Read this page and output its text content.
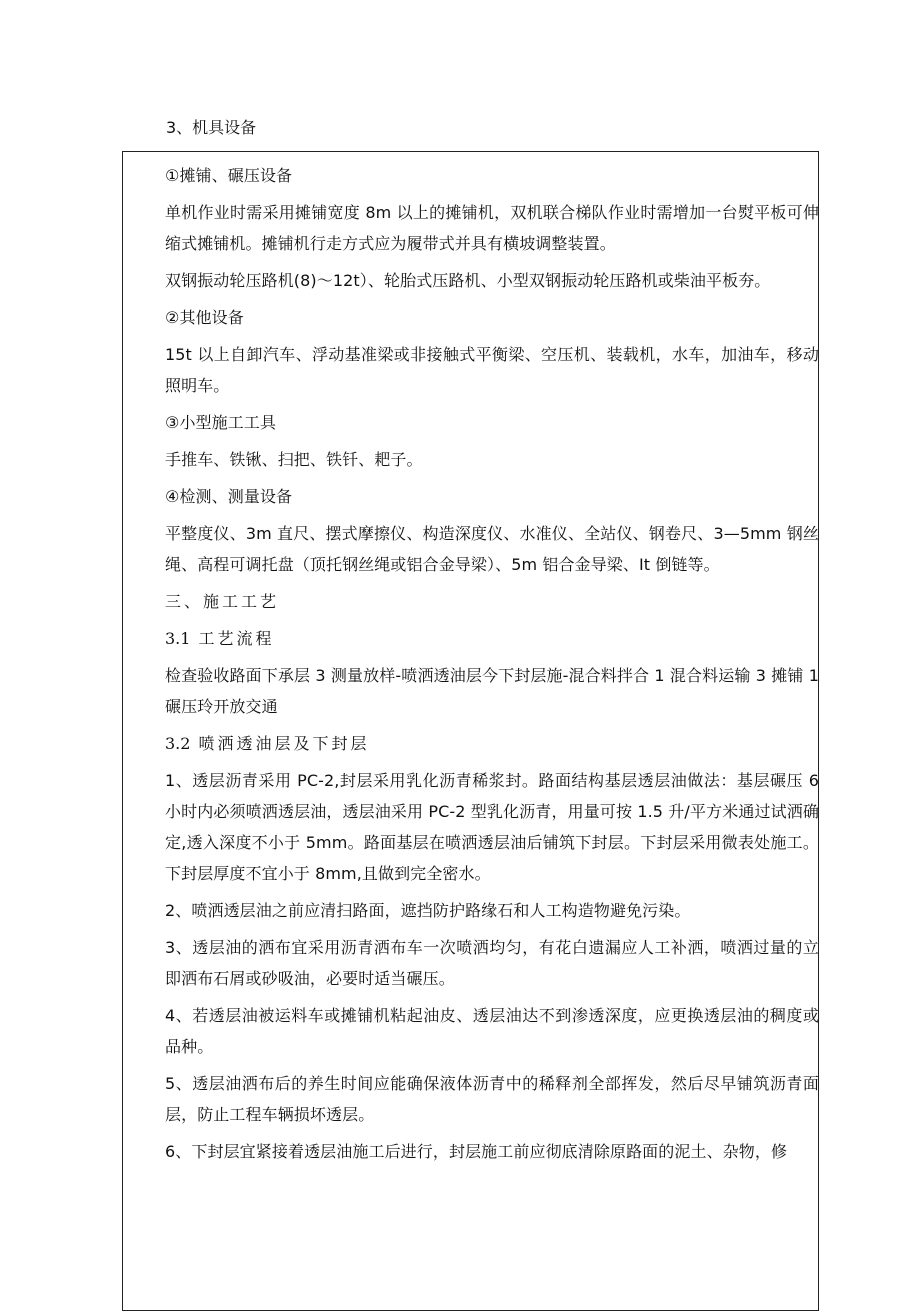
3、机具设备
①摊铺、碾压设备
单机作业时需采用摊铺宽度 8m 以上的摊铺机，双机联合梯队作业时需增加一台熨平板可伸缩式摊铺机。摊铺机行走方式应为履带式并具有横坡调整装置。
双钢振动轮压路机(8)〜12t）、轮胎式压路机、小型双钢振动轮压路机或柴油平板夯。
②其他设备
15t 以上自卸汽车、浮动基准梁或非接触式平衡梁、空压机、装载机，水车，加油车，移动照明车。
③小型施工工具
手推车、铁锹、扫把、铁钎、耙子。
④检测、测量设备
平整度仪、3m 直尺、摆式摩擦仪、构造深度仪、水准仪、全站仪、钢卷尺、3—5mm 钢丝绳、高程可调托盘（顶托钢丝绳或铝合金导梁）、5m 铝合金导梁、It 倒链等。
三、施工工艺
3.1 工艺流程
检查验收路面下承层 3 测量放样-喷洒透油层今下封层施-混合料拌合 1 混合料运输 3 摊铺 1 碾压玲开放交通
3.2 喷洒透油层及下封层
1、透层沥青采用 PC-2,封层采用乳化沥青稀浆封。路面结构基层透层油做法：基层碾压 6 小时内必须喷洒透层油，透层油采用 PC-2 型乳化沥青，用量可按 1.5 升/平方米通过试洒确定,透入深度不小于 5mm。路面基层在喷洒透层油后铺筑下封层。下封层采用微表处施工。下封层厚度不宜小于 8mm,且做到完全密水。
2、喷洒透层油之前应清扫路面，遮挡防护路缘石和人工构造物避免污染。
3、透层油的洒布宜采用沥青洒布车一次喷洒均匀，有花白遗漏应人工补洒，喷洒过量的立即洒布石屑或砂吸油，必要时适当碾压。
4、若透层油被运料车或摊铺机粘起油皮、透层油达不到渗透深度，应更换透层油的稠度或品种。
5、透层油洒布后的养生时间应能确保液体沥青中的稀释剂全部挥发，然后尽早铺筑沥青面层，防止工程车辆损坏透层。
6、下封层宜紧接着透层油施工后进行，封层施工前应彻底清除原路面的泥土、杂物，修
